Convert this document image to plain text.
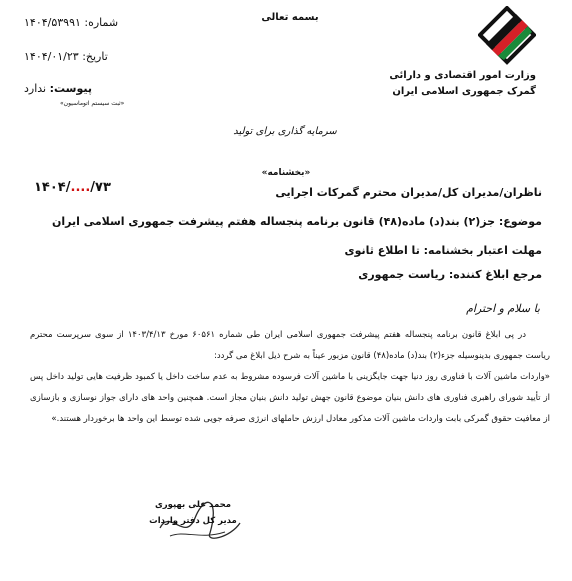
بسمه تعالی
وزارت امور اقتصادی و دارائی
گمرک جمهوری اسلامی ایران
شماره: ۱۴۰۴/۵۳۹۹۱
تاریخ: ۱۴۰۴/۰۱/۲۳
پیوست: ندارد
«ثبت سیستم اتوماسیون»
سرمایه گذاری برای تولید
«بخشنامه»
۱۴۰۴/..../۷۳	ناظران/مدیران کل/مدیران محترم گمرکات اجرایی
موضوع: جز(۲) بند(د) ماده(۴۸) قانون برنامه پنجساله هفتم پیشرفت جمهوری اسلامی ایران
مهلت اعتبار بخشنامه: تا اطلاع ثانوی
مرجع ابلاغ کننده: ریاست جمهوری
با سلام و احترام
در پی ابلاغ قانون برنامه پنجساله هفتم پیشرفت جمهوری اسلامی ایران طی شماره ۶۰۵۶۱ مورخ ۱۴۰۳/۴/۱۳ از سوی سرپرست محترم ریاست جمهوری بدینوسیله جزء(۲) بند(د) ماده(۴۸) قانون مزبور عیناً به شرح ذیل ابلاغ می گردد:
«واردات ماشین آلات با فناوری روز دنیا جهت جایگزینی با ماشین آلات فرسوده مشروط به عدم ساخت داخل یا کمبود ظرفیت هایی تولید داخل پس از تأیید شورای راهبری فناوری های دانش بنیان موضوع قانون جهش تولید دانش بنیان مجاز است. همچنین واحد های دارای جواز نوسازی و بازسازی از معافیت حقوق گمرکی بابت واردات ماشین آلات مذکور معادل ارزش حاملهای انرژی صرفه جویی شده توسط این واحد ها برخوردار هستند.»
محمد علی بهپوری
مدیر کل دفتر واردات
